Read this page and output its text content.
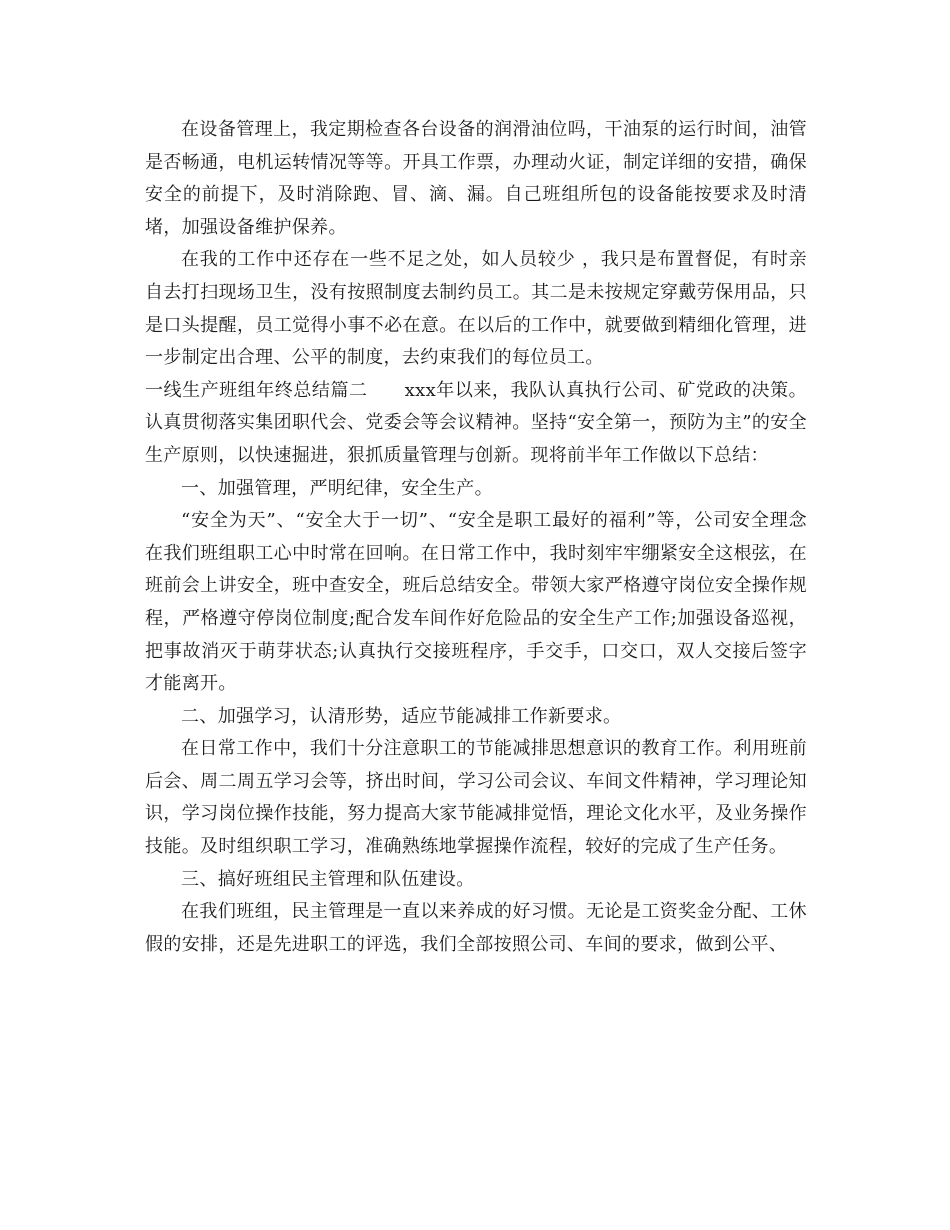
在设备管理上，我定期检查各台设备的润滑油位吗，干油泵的运行时间，油管是否畅通，电机运转情况等等。开具工作票，办理动火证，制定详细的安措，确保安全的前提下，及时消除跑、冒、滴、漏。自己班组所包的设备能按要求及时清堵，加强设备维护保养。

在我的工作中还存在一些不足之处，如人员较少 ，我只是布置督促，有时亲自去打扫现场卫生，没有按照制度去制约员工。其二是未按规定穿戴劳保用品，只是口头提醒，员工觉得小事不必在意。在以后的工作中，就要做到精细化管理，进一步制定出合理、公平的制度，去约束我们的每位员工。

一线生产班组年终总结篇二　　xxx年以来，我队认真执行公司、矿党政的决策。认真贯彻落实集团职代会、党委会等会议精神。坚持“安全第一，预防为主”的安全生产原则，以快速掘进，狠抓质量管理与创新。现将前半年工作做以下总结：

一、加强管理，严明纪律，安全生产。

“安全为天”、“安全大于一切”、“安全是职工最好的福利”等，公司安全理念在我们班组职工心中时常在回响。在日常工作中，我时刻牢牢绷紧安全这根弦，在班前会上讲安全，班中查安全，班后总结安全。带领大家严格遵守岗位安全操作规程，严格遵守停岗位制度;配合发车间作好危险品的安全生产工作;加强设备巡视，把事故消灭于萌芽状态;认真执行交接班程序，手交手，口交口，双人交接后签字才能离开。

二、加强学习，认清形势，适应节能减排工作新要求。

在日常工作中，我们十分注意职工的节能减排思想意识的教育工作。利用班前后会、周二周五学习会等，挤出时间，学习公司会议、车间文件精神，学习理论知识，学习岗位操作技能，努力提高大家节能减排觉悟，理论文化水平，及业务操作技能。及时组织职工学习，准确熟练地掌握操作流程，较好的完成了生产任务。

三、搞好班组民主管理和队伍建设。

在我们班组，民主管理是一直以来养成的好习惯。无论是工资奖金分配、工休假的安排，还是先进职工的评选，我们全部按照公司、车间的要求，做到公平、
